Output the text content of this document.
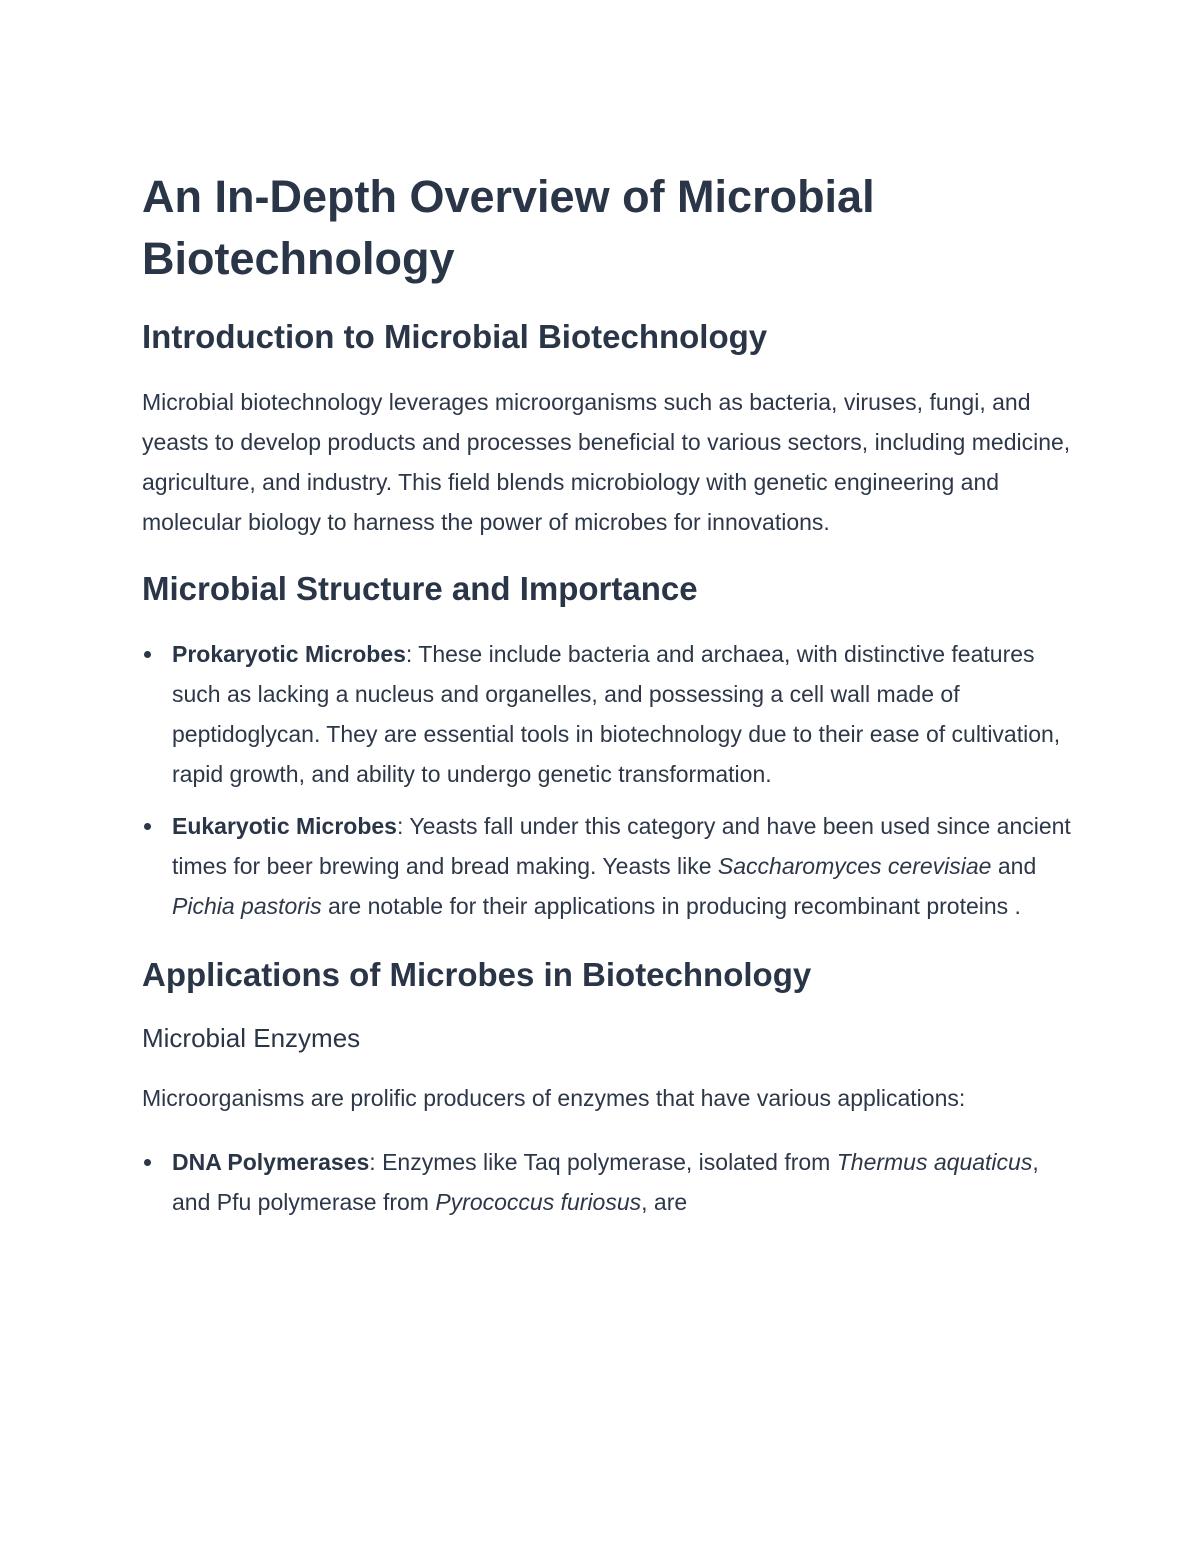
An In-Depth Overview of Microbial Biotechnology
Introduction to Microbial Biotechnology

Microbial biotechnology leverages microorganisms such as bacteria, viruses, fungi, and yeasts to develop products and processes beneficial to various sectors, including medicine, agriculture, and industry. This field blends microbiology with genetic engineering and molecular biology to harness the power of microbes for innovations.

Microbial Structure and Importance
Prokaryotic Microbes: These include bacteria and archaea, with distinctive features such as lacking a nucleus and organelles, and possessing a cell wall made of peptidoglycan. They are essential tools in biotechnology due to their ease of cultivation, rapid growth, and ability to undergo genetic transformation.
Eukaryotic Microbes: Yeasts fall under this category and have been used since ancient times for beer brewing and bread making. Yeasts like Saccharomyces cerevisiae and Pichia pastoris are notable for their applications in producing recombinant proteins .
Applications of Microbes in Biotechnology
Microbial Enzymes

Microorganisms are prolific producers of enzymes that have various applications:

DNA Polymerases: Enzymes like Taq polymerase, isolated from Thermus aquaticus, and Pfu polymerase from Pyrococcus furiosus, are
